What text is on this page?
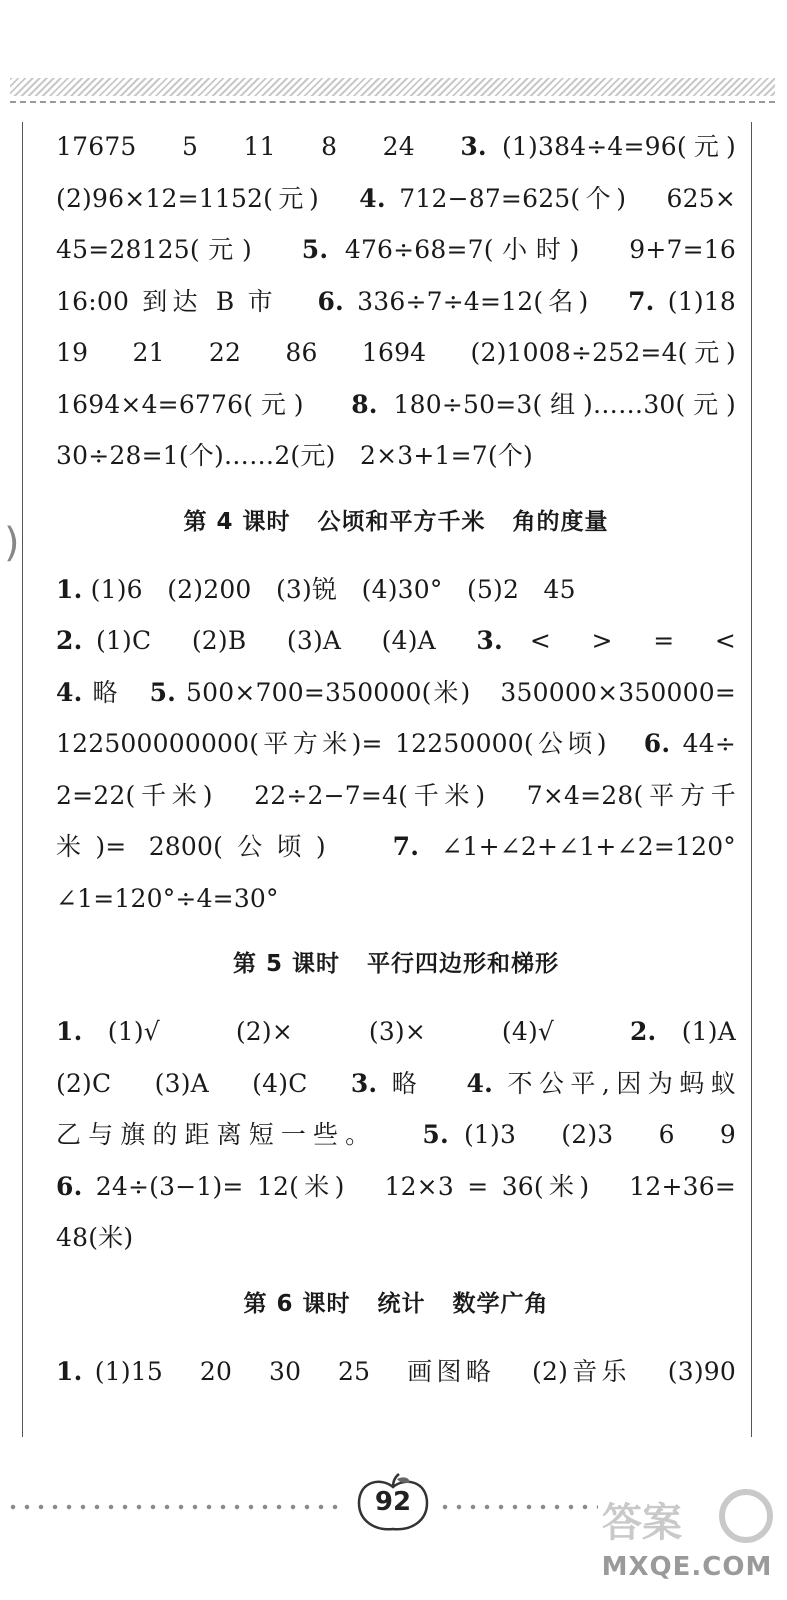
)
17675   5   11   8   24   3. (1)384÷4=96(元)
(2)96×12=1152(元)   4. 712−87=625(个)   625×
45=28125(元)   5. 476÷68=7(小时)   9+7=16
16:00 到达 B 市   6. 336÷7÷4=12(名)   7. (1)18
19   21   22   86   1694   (2)1008÷252=4(元)
1694×4=6776(元)   8. 180÷50=3(组)……30(元)
30÷28=1(个)……2(元)   2×3+1=7(个)
第 4 课时   公顷和平方千米   角的度量
1. (1)6   (2)200   (3)锐   (4)30°   (5)2   45
2. (1)C   (2)B   (3)A   (4)A   3.  <   >   =   <
4. 略   5. 500×700=350000(米)   350000×350000=
122500000000(平方米)= 12250000(公顷)   6. 44÷
2=22(千米)   22÷2−7=4(千米)   7×4=28(平方千
米)= 2800(公顷)   7. ∠1+∠2+∠1+∠2=120°
∠1=120°÷4=30°
第 5 课时   平行四边形和梯形
1. (1)√   (2)×   (3)×   (4)√   2. (1)A
(2)C   (3)A   (4)C   3. 略   4. 不公平,因为蚂蚁
乙与旗的距离短一些。   5. (1)3   (2)3   6   9
6. 24÷(3−1)= 12(米)   12×3 = 36(米)   12+36=
48(米)
第 6 课时   统计   数学广角
1. (1)15   20   30   25   画图略   (2)音乐   (3)90
92	答案
MXQE.COM
